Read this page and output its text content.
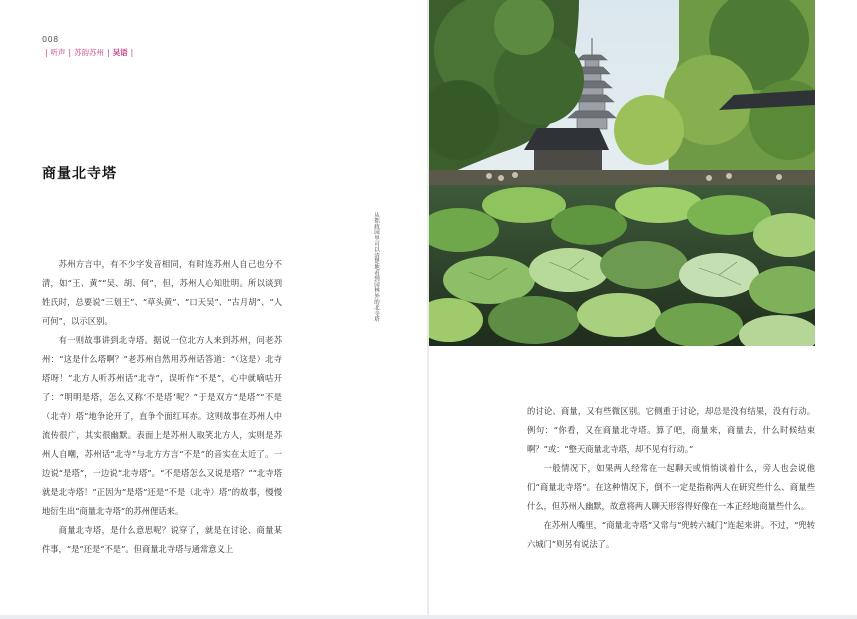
008
| 听声 | 苏韵苏州 | 吴语 |
商量北寺塔

苏州方言中，有不少字发音相同，有时连苏州人自己也分不清，如“王、黄”“吴、胡、何”，但，苏州人心知肚明。所以谈到姓氏时，总要说“三划王”、“草头黄”、“口天吴”、“古月胡”、“人可何”，以示区别。

有一则故事讲到北寺塔。据说一位北方人来到苏州，问老苏州：“这是什么塔啊？”老苏州自然用苏州话答道：“（这是）北寺塔呀！”北方人听苏州话“北寺”，误听作“不是”，心中就嘀咕开了：“明明是塔，怎么又称‘不是塔’呢？”于是双方“是塔”“不是（北寺）塔”地争论开了，直争个面红耳赤。这则故事在苏州人中流传很广，其实很幽默。表面上是苏州人取笑北方人，实则是苏州人自嘲，苏州话“北寺”与北方方言“不是”的音实在太近了。一边说“是塔”，一边说“北寺塔”。“不是塔怎么又说是塔？”“北寺塔就是北寺塔！”正因为“是塔”还是“不是（北寺）塔”的故事，慢慢地衍生出“商量北寺塔”的苏州俚话来。

商量北寺塔，是什么意思呢？说穿了，就是在讨论、商量某件事，“是”还是“不是”。但商量北寺塔与通常意义上

从拙政园里可以清楚地看到园林外的北寺塔

的讨论、商量，又有些微区别。它侧重于讨论，却总是没有结果，没有行动。例句：“你看，又在商量北寺塔。算了吧，商量来，商量去，什么时候结束啊？”或：“整天商量北寺塔，却不见有行动。”

一般情况下，如果两人经常在一起聊天或悄悄谈着什么，旁人也会说他们“商量北寺塔”。在这种情况下，倒不一定是指称两人在研究些什么、商量些什么，但苏州人幽默，故意将两人聊天形容得好像在一本正经地商量些什么。

在苏州人嘴里，“商量北寺塔”又常与“兜转六城门”连起来讲。不过，“兜转六城门”则另有说法了。
